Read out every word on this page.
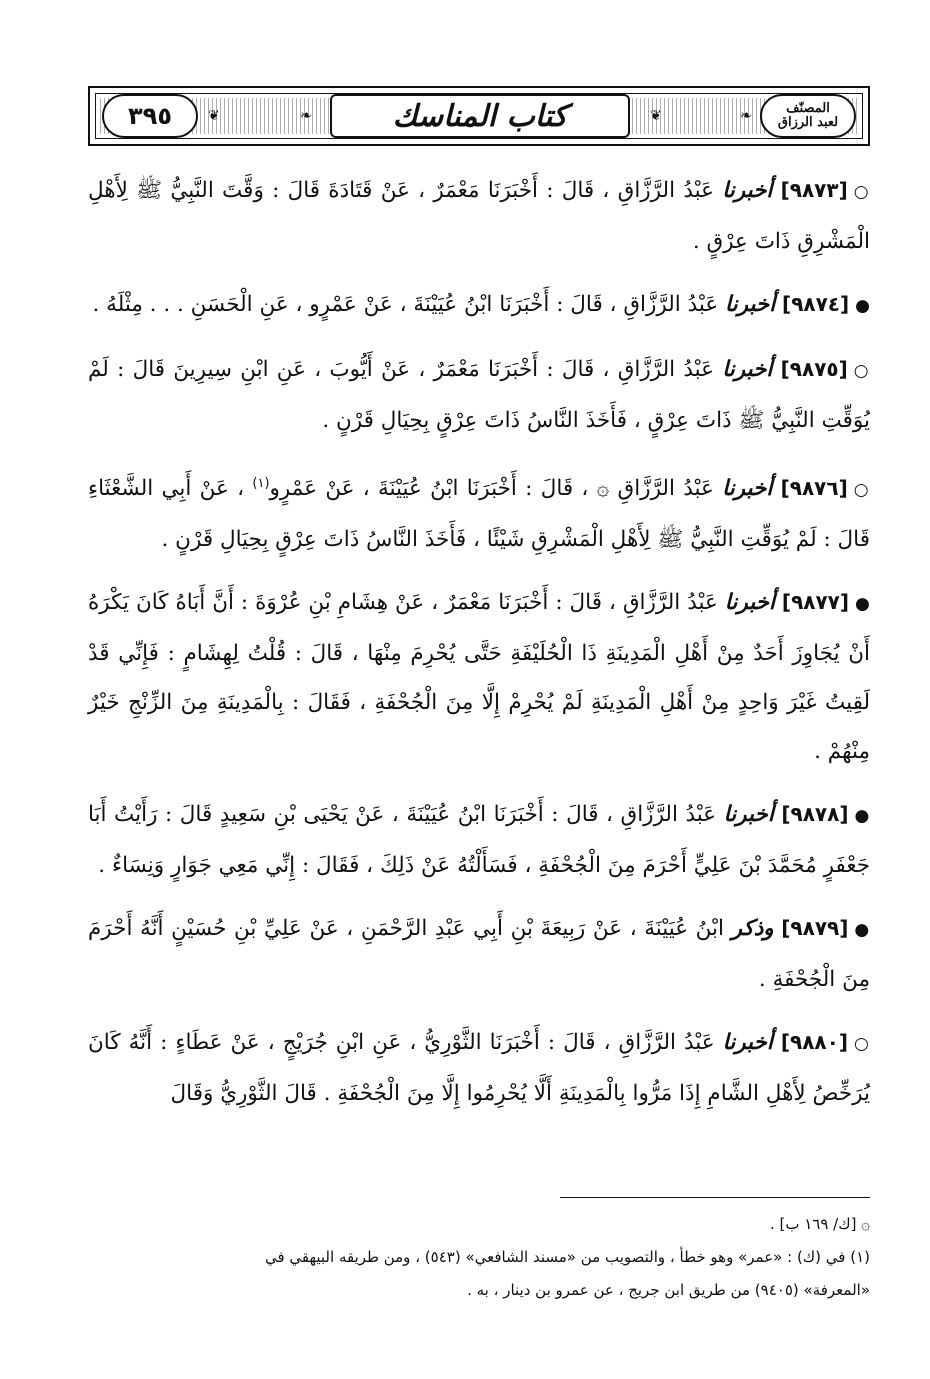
٣٩٥	❦	❧	كتاب المناسك	❦	❧	المصنّف
لعبد الرزاق

○[٩٨٧٣] أخبرنا عَبْدُ الرَّزَّاقِ ، قَالَ : أَخْبَرَنَا مَعْمَرٌ ، عَنْ قَتَادَةَ قَالَ : وَقَّتَ النَّبِيُّ ﷺ لِأَهْلِ الْمَشْرِقِ ذَاتَ عِرْقٍ .

●[٩٨٧٤] أخبرنا عَبْدُ الرَّزَّاقِ ، قَالَ : أَخْبَرَنَا ابْنُ عُيَيْنَةَ ، عَنْ عَمْرٍو ، عَنِ الْحَسَنِ . . . مِثْلَهُ .

○[٩٨٧٥] أخبرنا عَبْدُ الرَّزَّاقِ ، قَالَ : أَخْبَرَنَا مَعْمَرٌ ، عَنْ أَيُّوبَ ، عَنِ ابْنِ سِيرِينَ قَالَ : لَمْ يُوَقِّتِ النَّبِيُّ ﷺ ذَاتَ عِرْقٍ ، فَأَخَذَ النَّاسُ ذَاتَ عِرْقٍ بِحِيَالِ قَرْنٍ .

○[٩٨٧٦] أخبرنا عَبْدُ الرَّزَّاقِ ۞ ، قَالَ : أَخْبَرَنَا ابْنُ عُيَيْنَةَ ، عَنْ عَمْرٍو$^{(١)}$ ، عَنْ أَبِي الشَّعْثَاءِ قَالَ : لَمْ يُوَقِّتِ النَّبِيُّ ﷺ لِأَهْلِ الْمَشْرِقِ شَيْئًا ، فَأَخَذَ النَّاسُ ذَاتَ عِرْقٍ بِحِيَالِ قَرْنٍ .

●[٩٨٧٧] أخبرنا عَبْدُ الرَّزَّاقِ ، قَالَ : أَخْبَرَنَا مَعْمَرٌ ، عَنْ هِشَامِ بْنِ عُرْوَةَ : أَنَّ أَبَاهُ كَانَ يَكْرَهُ أَنْ يُجَاوِزَ أَحَدٌ مِنْ أَهْلِ الْمَدِينَةِ ذَا الْحُلَيْفَةِ حَتَّى يُحْرِمَ مِنْهَا ، قَالَ : قُلْتُ لِهِشَامٍ : فَإِنِّي قَدْ لَقِيتُ غَيْرَ وَاحِدٍ مِنْ أَهْلِ الْمَدِينَةِ لَمْ يُحْرِمْ إِلَّا مِنَ الْجُحْفَةِ ، فَقَالَ : بِالْمَدِينَةِ مِنَ الزِّنْجِ خَيْرٌ مِنْهُمْ .

●[٩٨٧٨] أخبرنا عَبْدُ الرَّزَّاقِ ، قَالَ : أَخْبَرَنَا ابْنُ عُيَيْنَةَ ، عَنْ يَحْيَى بْنِ سَعِيدٍ قَالَ : رَأَيْتُ أَبَا جَعْفَرٍ مُحَمَّدَ بْنَ عَلِيٍّ أَحْرَمَ مِنَ الْجُحْفَةِ ، فَسَأَلْتُهُ عَنْ ذَلِكَ ، فَقَالَ : إِنِّي مَعِي جَوَارٍ وَنِسَاءٌ .

●[٩٨٧٩] وذكر ابْنُ عُيَيْنَةَ ، عَنْ رَبِيعَةَ بْنِ أَبِي عَبْدِ الرَّحْمَنِ ، عَنْ عَلِيِّ بْنِ حُسَيْنٍ أَنَّهُ أَحْرَمَ مِنَ الْجُحْفَةِ .

○[٩٨٨٠] أخبرنا عَبْدُ الرَّزَّاقِ ، قَالَ : أَخْبَرَنَا الثَّوْرِيُّ ، عَنِ ابْنِ جُرَيْجٍ ، عَنْ عَطَاءٍ : أَنَّهُ كَانَ يُرَخِّصُ لِأَهْلِ الشَّامِ إِذَا مَرُّوا بِالْمَدِينَةِ أَلَّا يُحْرِمُوا إِلَّا مِنَ الْجُحْفَةِ . قَالَ الثَّوْرِيُّ وَقَالَ

۞ [ك/ ١٦٩ ب] .

(١) في (ك) : «عمر» وهو خطأ ، والتصويب من «مسند الشافعي» (٥٤٣) ، ومن طريقه البيهقي في

«المعرفة» (٩٤٠٥) من طريق ابن جريج ، عن عمرو بن دينار ، به .
